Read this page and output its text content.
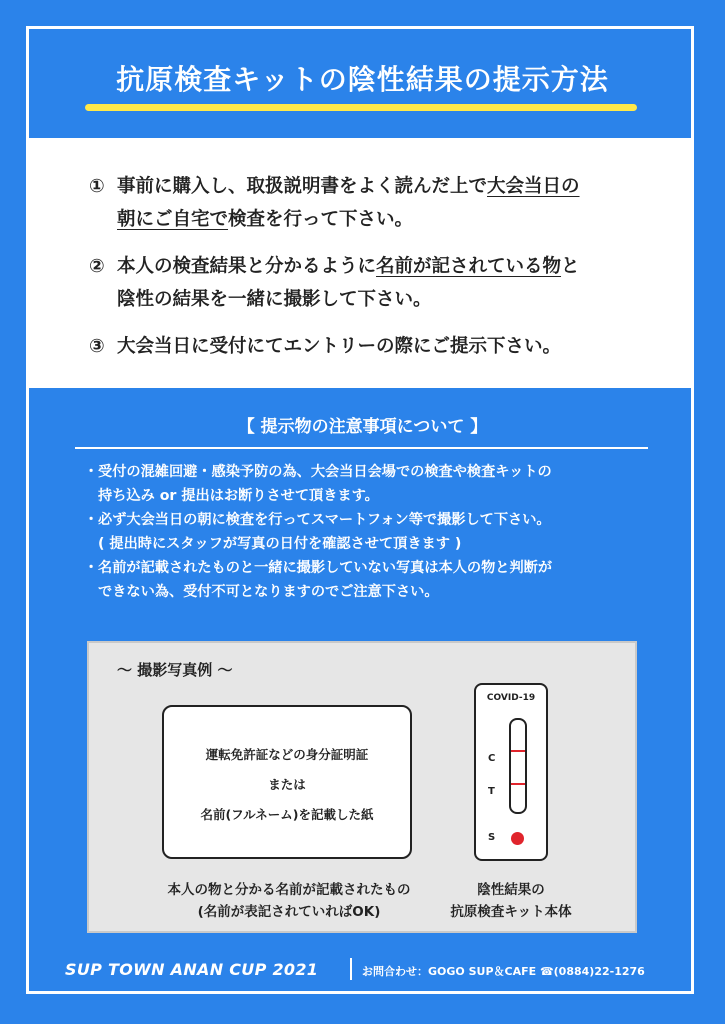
抗原検査キットの陰性結果の提示方法
① 事前に購入し、取扱説明書をよく読んだ上で大会当日の
朝にご自宅で検査を行って下さい。
② 本人の検査結果と分かるように名前が記されている物と
陰性の結果を一緒に撮影して下さい。
③ 大会当日に受付にてエントリーの際にご提示下さい。
【 提示物の注意事項について 】
・受付の混雑回避・感染予防の為、大会当日会場での検査や検査キットの
持ち込み or 提出はお断りさせて頂きます。
・必ず大会当日の朝に検査を行ってスマートフォン等で撮影して下さい。
( 提出時にスタッフが写真の日付を確認させて頂きます )
・名前が記載されたものと一緒に撮影していない写真は本人の物と判断が
できない為、受付不可となりますのでご注意下さい。
～ 撮影写真例 ～
運転免許証などの身分証明証
または
名前(フルネーム)を記載した紙
本人の物と分かる名前が記載されたもの
(名前が表記されていればOK)
COVID-19
C
T
S
陰性結果の
抗原検査キット本体
SUP TOWN ANAN CUP 2021	お問合わせ：GOGO SUP＆CAFE ☎(0884)22-1276
